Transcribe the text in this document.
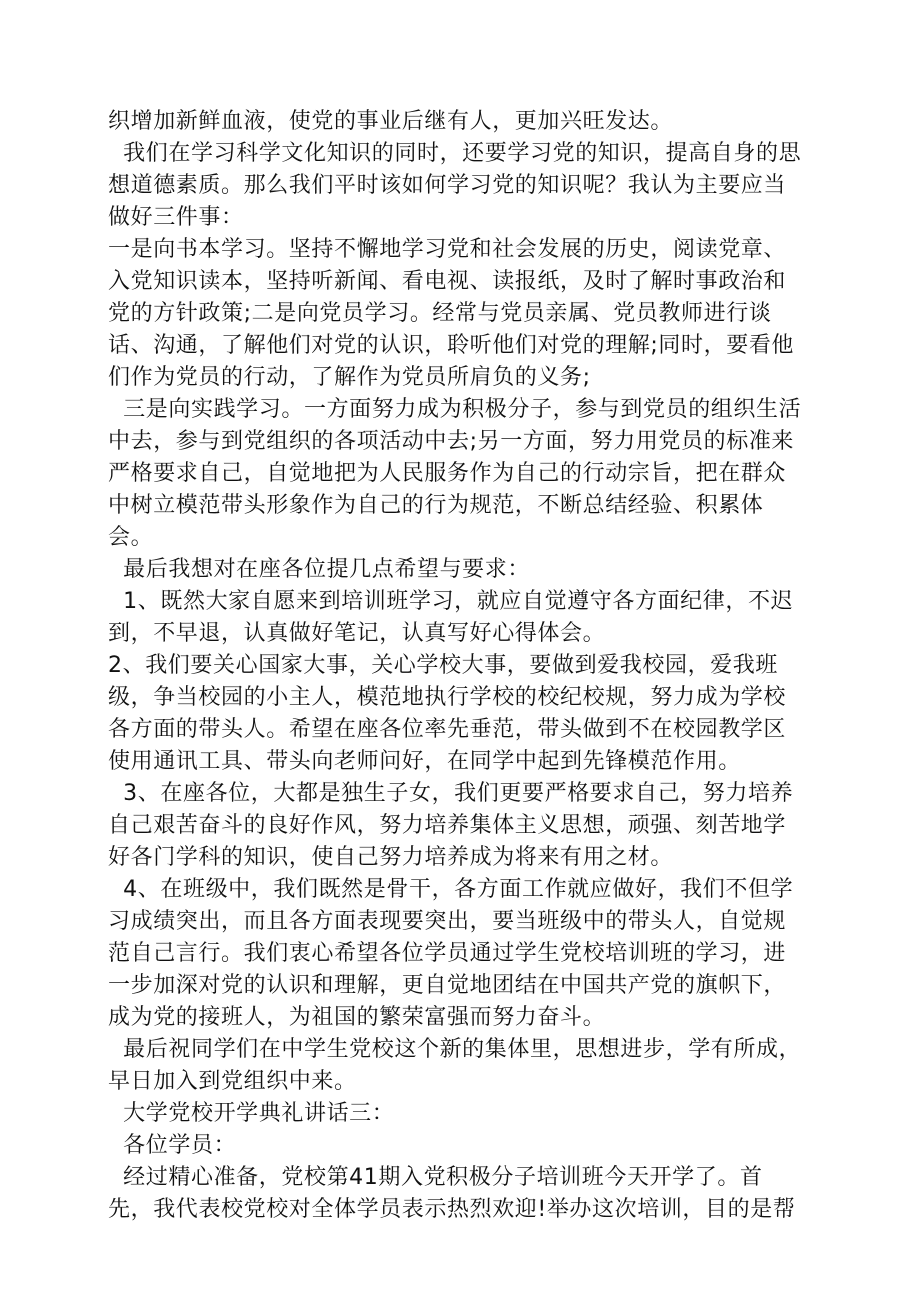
织增加新鲜血液，使党的事业后继有人，更加兴旺发达。
我们在学习科学文化知识的同时，还要学习党的知识，提高自身的思
想道德素质。那么我们平时该如何学习党的知识呢？我认为主要应当
做好三件事：
一是向书本学习。坚持不懈地学习党和社会发展的历史，阅读党章、
入党知识读本，坚持听新闻、看电视、读报纸，及时了解时事政治和
党的方针政策;二是向党员学习。经常与党员亲属、党员教师进行谈
话、沟通，了解他们对党的认识，聆听他们对党的理解;同时，要看他
们作为党员的行动，了解作为党员所肩负的义务;
三是向实践学习。一方面努力成为积极分子，参与到党员的组织生活
中去，参与到党组织的各项活动中去;另一方面，努力用党员的标准来
严格要求自己，自觉地把为人民服务作为自己的行动宗旨，把在群众
中树立模范带头形象作为自己的行为规范，不断总结经验、积累体
会。
最后我想对在座各位提几点希望与要求：
1、既然大家自愿来到培训班学习，就应自觉遵守各方面纪律，不迟
到，不早退，认真做好笔记，认真写好心得体会。
2、我们要关心国家大事，关心学校大事，要做到爱我校园，爱我班
级，争当校园的小主人，模范地执行学校的校纪校规，努力成为学校
各方面的带头人。希望在座各位率先垂范，带头做到不在校园教学区
使用通讯工具、带头向老师问好，在同学中起到先锋模范作用。
3、在座各位，大都是独生子女，我们更要严格要求自己，努力培养
自己艰苦奋斗的良好作风，努力培养集体主义思想，顽强、刻苦地学
好各门学科的知识，使自己努力培养成为将来有用之材。
4、在班级中，我们既然是骨干，各方面工作就应做好，我们不但学
习成绩突出，而且各方面表现要突出，要当班级中的带头人，自觉规
范自己言行。我们衷心希望各位学员通过学生党校培训班的学习，进
一步加深对党的认识和理解，更自觉地团结在中国共产党的旗帜下，
成为党的接班人，为祖国的繁荣富强而努力奋斗。
最后祝同学们在中学生党校这个新的集体里，思想进步，学有所成，
早日加入到党组织中来。
大学党校开学典礼讲话三：
各位学员：
经过精心准备，党校第41期入党积极分子培训班今天开学了。首
先，我代表校党校对全体学员表示热烈欢迎!举办这次培训，目的是帮
